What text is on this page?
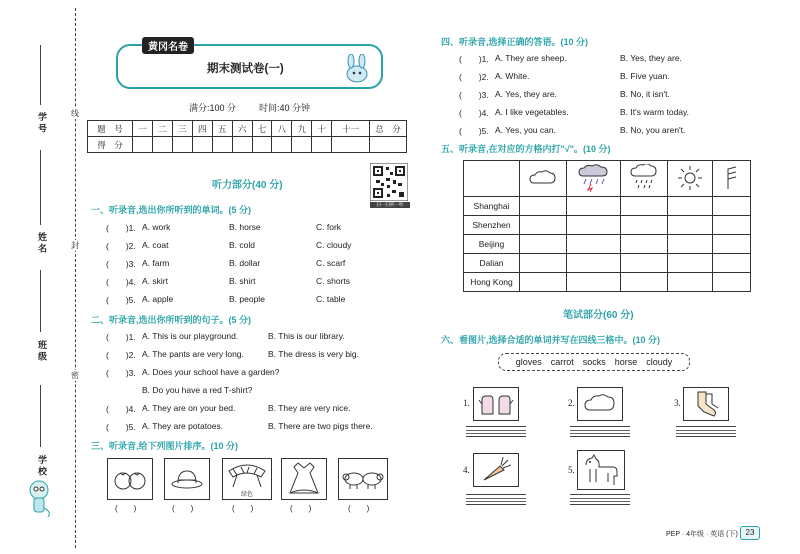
学 号
姓 名
班 级
学 校
线
封
密
黄冈名卷
期末测试卷(一)
满分:100 分	时间:40 分钟
题　号	一	二	三	四	五	六	七	八	九	十	十一	总　分
得　分												
听力部分(40 分)
扫一扫听一听
一、听录音,选出你所听到的单词。(5 分)
(　　)1. A. work	B. horse	C. fork
(　　)2. A. coat	B. cold	C. cloudy
(　　)3. A. farm	B. dollar	C. scarf
(　　)4. A. skirt	B. shirt	C. shorts
(　　)5. A. apple	B. people	C. table
二、听录音,选出你所听到的句子。(5 分)
(　　)1. A. This is our playground.	B. This is our library.
(　　)2. A. The pants are very long.	B. The dress is very big.
(　　)3. A. Does your school have a garden?
B. Do you have a red T-shirt?
(　　)4. A. They are on your bed.	B. They are very nice.
(　　)5. A. They are potatoes.	B. There are two pigs there.
三、听录音,给下列图片排序。(10 分)
绿色
(　　)	(　　)	(　　)	(　　)	(　　)
四、听录音,选择正确的答语。(10 分)
(　　)1. A. They are sheep.	B. Yes, they are.
(　　)2. A. White.	B. Five yuan.
(　　)3. A. Yes, they are.	B. No, it isn't.
(　　)4. A. I like vegetables.	B. It's warm today.
(　　)5. A. Yes, you can.	B. No, you aren't.
五、听录音,在对应的方格内打"√"。(10 分)

Shanghai					
Shenzhen					
Beijing					
Dalian					
Hong Kong					
笔试部分(60 分)
六、看图片,选择合适的单词并写在四线三格中。(10 分)
gloves　carrot　socks　horse　cloudy
1.	2.	3.
4.	5.
PEP · 4年级 · 英语 (下) 23
